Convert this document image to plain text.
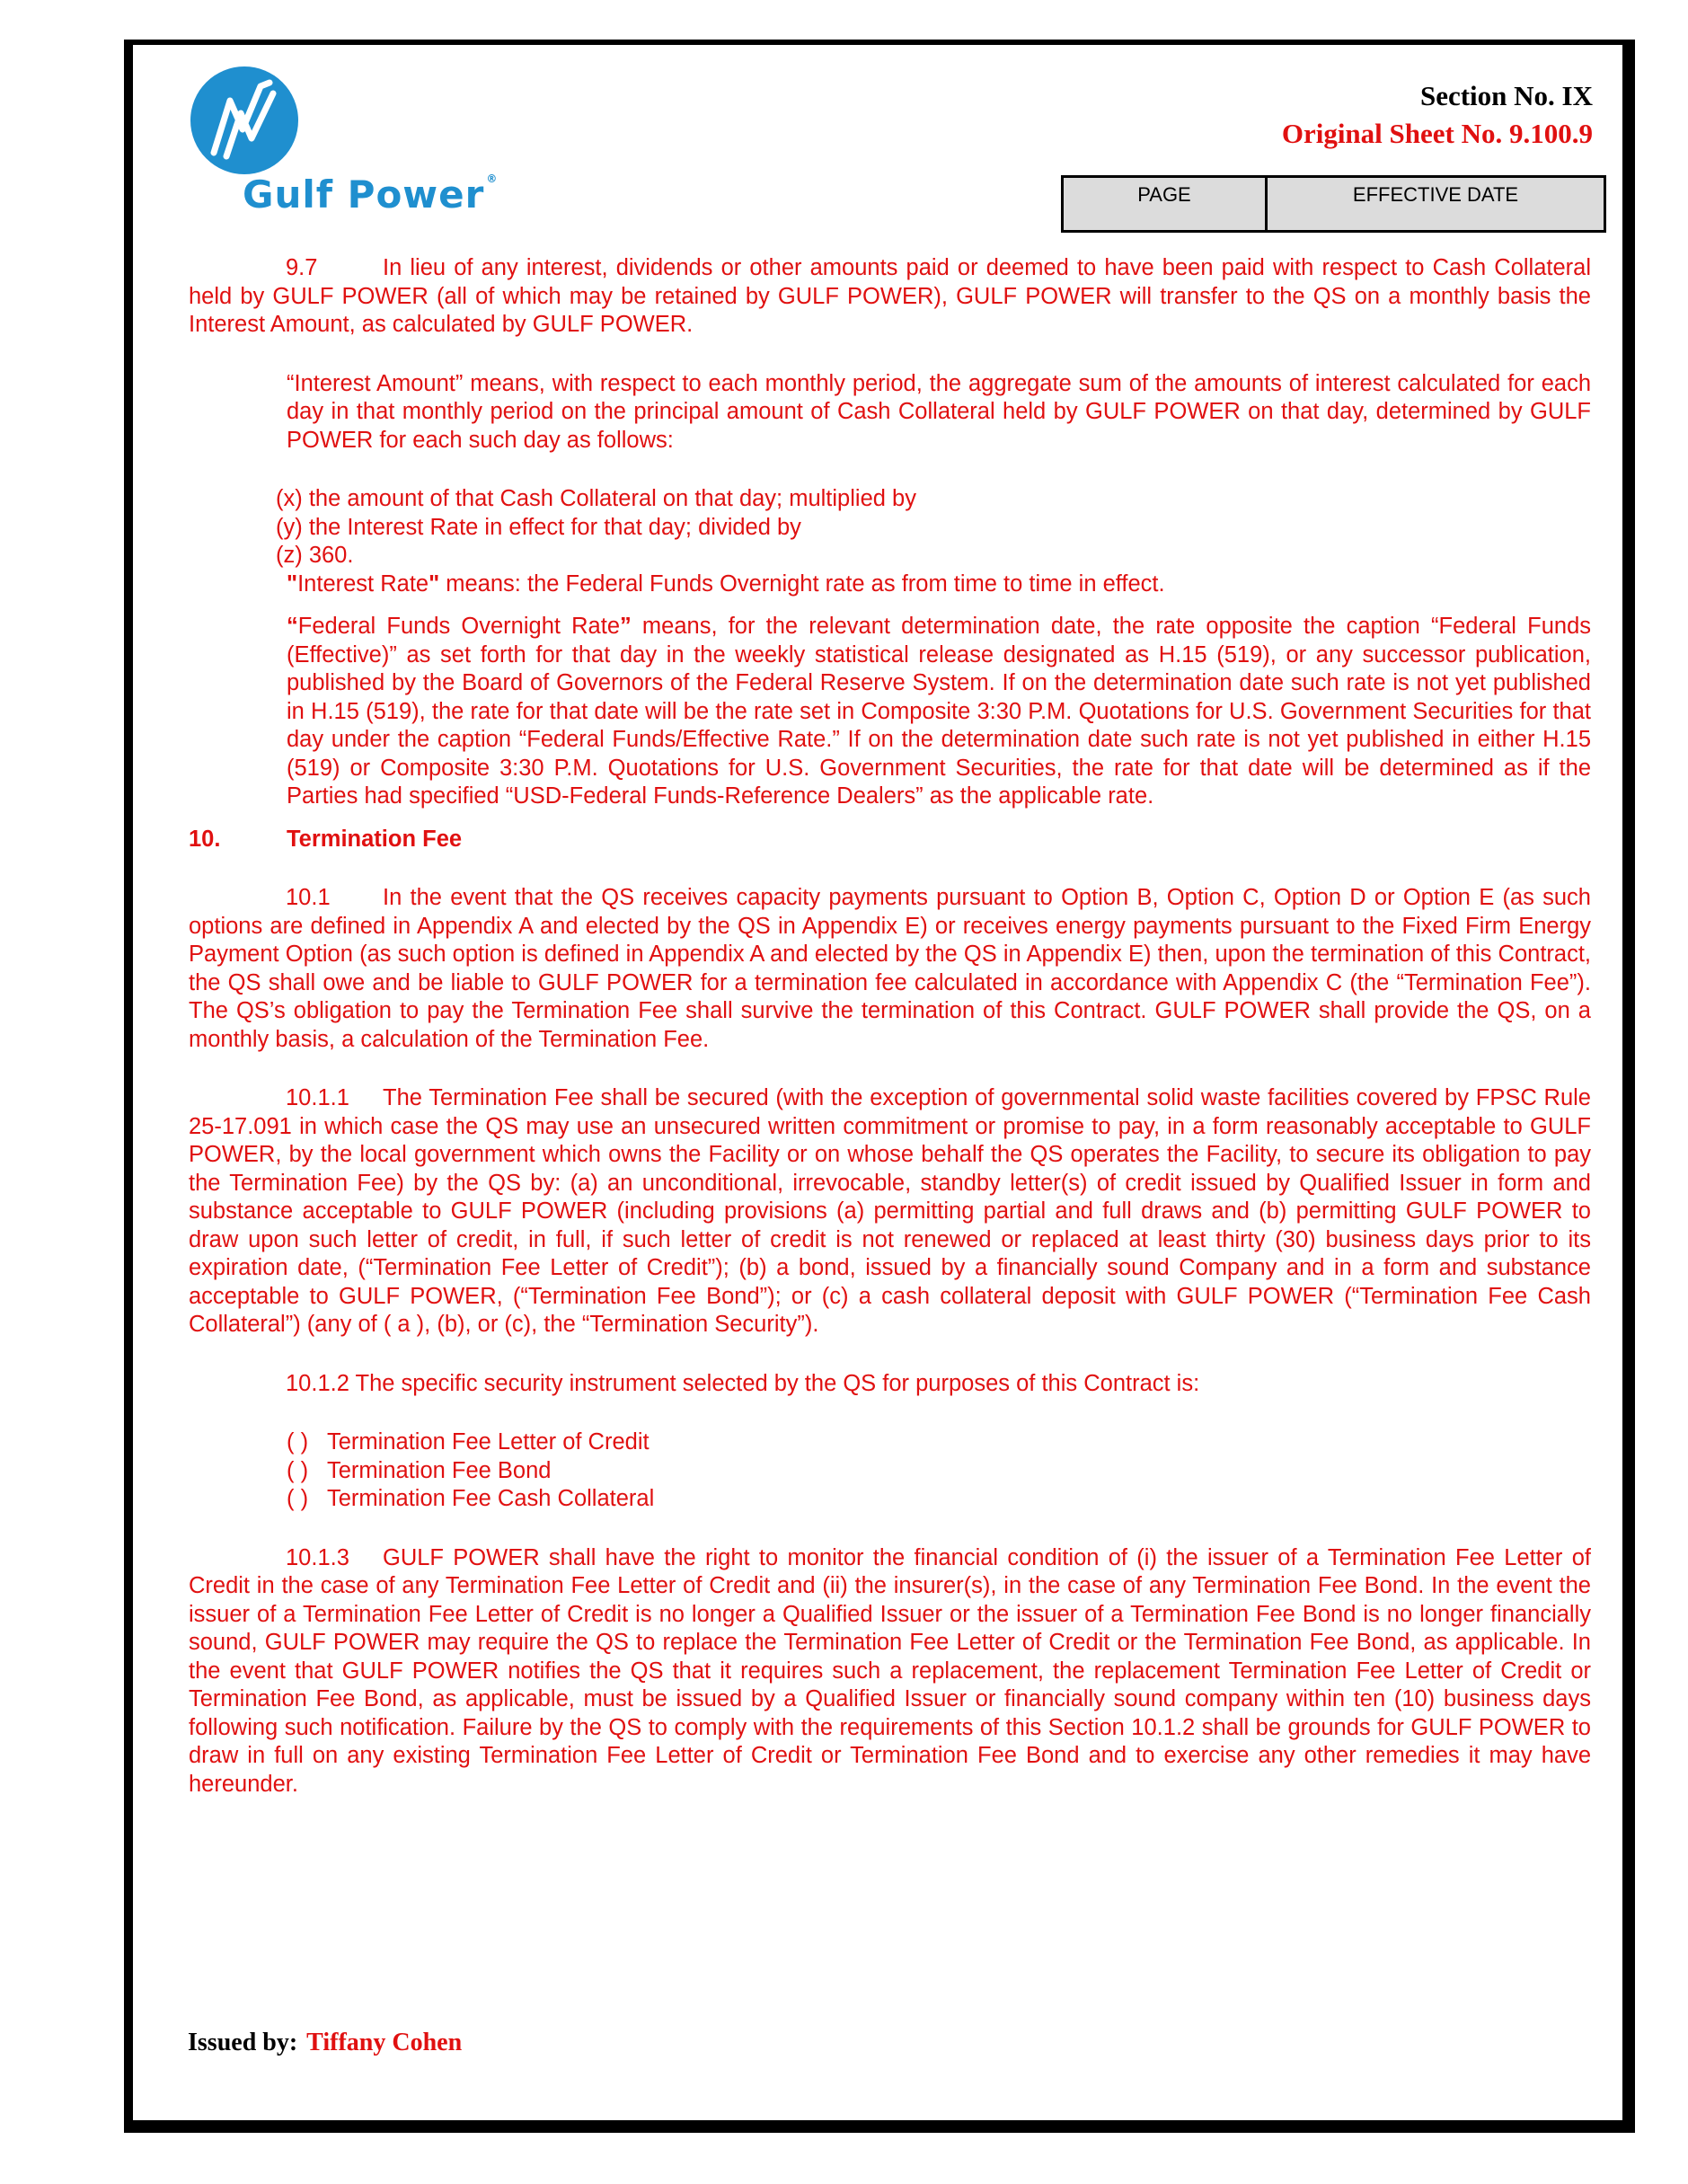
Gulf Power ®
Section No. IX
Original Sheet No. 9.100.9
PAGE	EFFECTIVE DATE

9.7	In lieu of any interest, dividends or other amounts paid or deemed to have been paid with respect to Cash Collateral held by GULF POWER (all of which may be retained by GULF POWER), GULF POWER will transfer to the QS on a monthly basis the Interest Amount, as calculated by GULF POWER.

“Interest Amount” means, with respect to each monthly period, the aggregate sum of the amounts of interest calculated for each day in that monthly period on the principal amount of Cash Collateral held by GULF POWER on that day, determined by GULF POWER for each such day as follows:

(x) the amount of that Cash Collateral on that day; multiplied by

(y) the Interest Rate in effect for that day; divided by

(z) 360.

"Interest Rate" means: the Federal Funds Overnight rate as from time to time in effect.

“Federal Funds Overnight Rate” means, for the relevant determination date, the rate opposite the caption “Federal Funds (Effective)” as set forth for that day in the weekly statistical release designated as H.15 (519), or any successor publication, published by the Board of Governors of the Federal Reserve System. If on the determination date such rate is not yet published in H.15 (519), the rate for that date will be the rate set in Composite 3:30 P.M. Quotations for U.S. Government Securities for that day under the caption “Federal Funds/Effective Rate.” If on the determination date such rate is not yet published in either H.15 (519) or Composite 3:30 P.M. Quotations for U.S. Government Securities, the rate for that date will be determined as if the Parties had specified “USD-Federal Funds-Reference Dealers” as the applicable rate.

10.	Termination Fee

10.1 In the event that the QS receives capacity payments pursuant to Option B, Option C, Option D or Option E (as such options are defined in Appendix A and elected by the QS in Appendix E) or receives energy payments pursuant to the Fixed Firm Energy Payment Option (as such option is defined in Appendix A and elected by the QS in Appendix E) then, upon the termination of this Contract, the QS shall owe and be liable to GULF POWER for a termination fee calculated in accordance with Appendix C (the “Termination Fee”). The QS’s obligation to pay the Termination Fee shall survive the termination of this Contract. GULF POWER shall provide the QS, on a monthly basis, a calculation of the Termination Fee.

10.1.1 The Termination Fee shall be secured (with the exception of governmental solid waste facilities covered by FPSC Rule 25-17.091 in which case the QS may use an unsecured written commitment or promise to pay, in a form reasonably acceptable to GULF POWER, by the local government which owns the Facility or on whose behalf the QS operates the Facility, to secure its obligation to pay the Termination Fee) by the QS by: (a) an unconditional, irrevocable, standby letter(s) of credit issued by Qualified Issuer in form and substance acceptable to GULF POWER (including provisions (a) permitting partial and full draws and (b) permitting GULF POWER to draw upon such letter of credit, in full, if such letter of credit is not renewed or replaced at least thirty (30) business days prior to its expiration date, (“Termination Fee Letter of Credit”); (b) a bond, issued by a financially sound Company and in a form and substance acceptable to GULF POWER, (“Termination Fee Bond”); or (c) a cash collateral deposit with GULF POWER (“Termination Fee Cash Collateral”) (any of ( a ), (b), or (c), the “Termination Security”).

10.1.2 The specific security instrument selected by the QS for purposes of this Contract is:

( ) Termination Fee Letter of Credit
( ) Termination Fee Bond
( ) Termination Fee Cash Collateral

10.1.3 GULF POWER shall have the right to monitor the financial condition of (i) the issuer of a Termination Fee Letter of Credit in the case of any Termination Fee Letter of Credit and (ii) the insurer(s), in the case of any Termination Fee Bond. In the event the issuer of a Termination Fee Letter of Credit is no longer a Qualified Issuer or the issuer of a Termination Fee Bond is no longer financially sound, GULF POWER may require the QS to replace the Termination Fee Letter of Credit or the Termination Fee Bond, as applicable. In the event that GULF POWER notifies the QS that it requires such a replacement, the replacement Termination Fee Letter of Credit or Termination Fee Bond, as applicable, must be issued by a Qualified Issuer or financially sound company within ten (10) business days following such notification. Failure by the QS to comply with the requirements of this Section 10.1.2 shall be grounds for GULF POWER to draw in full on any existing Termination Fee Letter of Credit or Termination Fee Bond and to exercise any other remedies it may have hereunder.

Issued by: Tiffany Cohen
